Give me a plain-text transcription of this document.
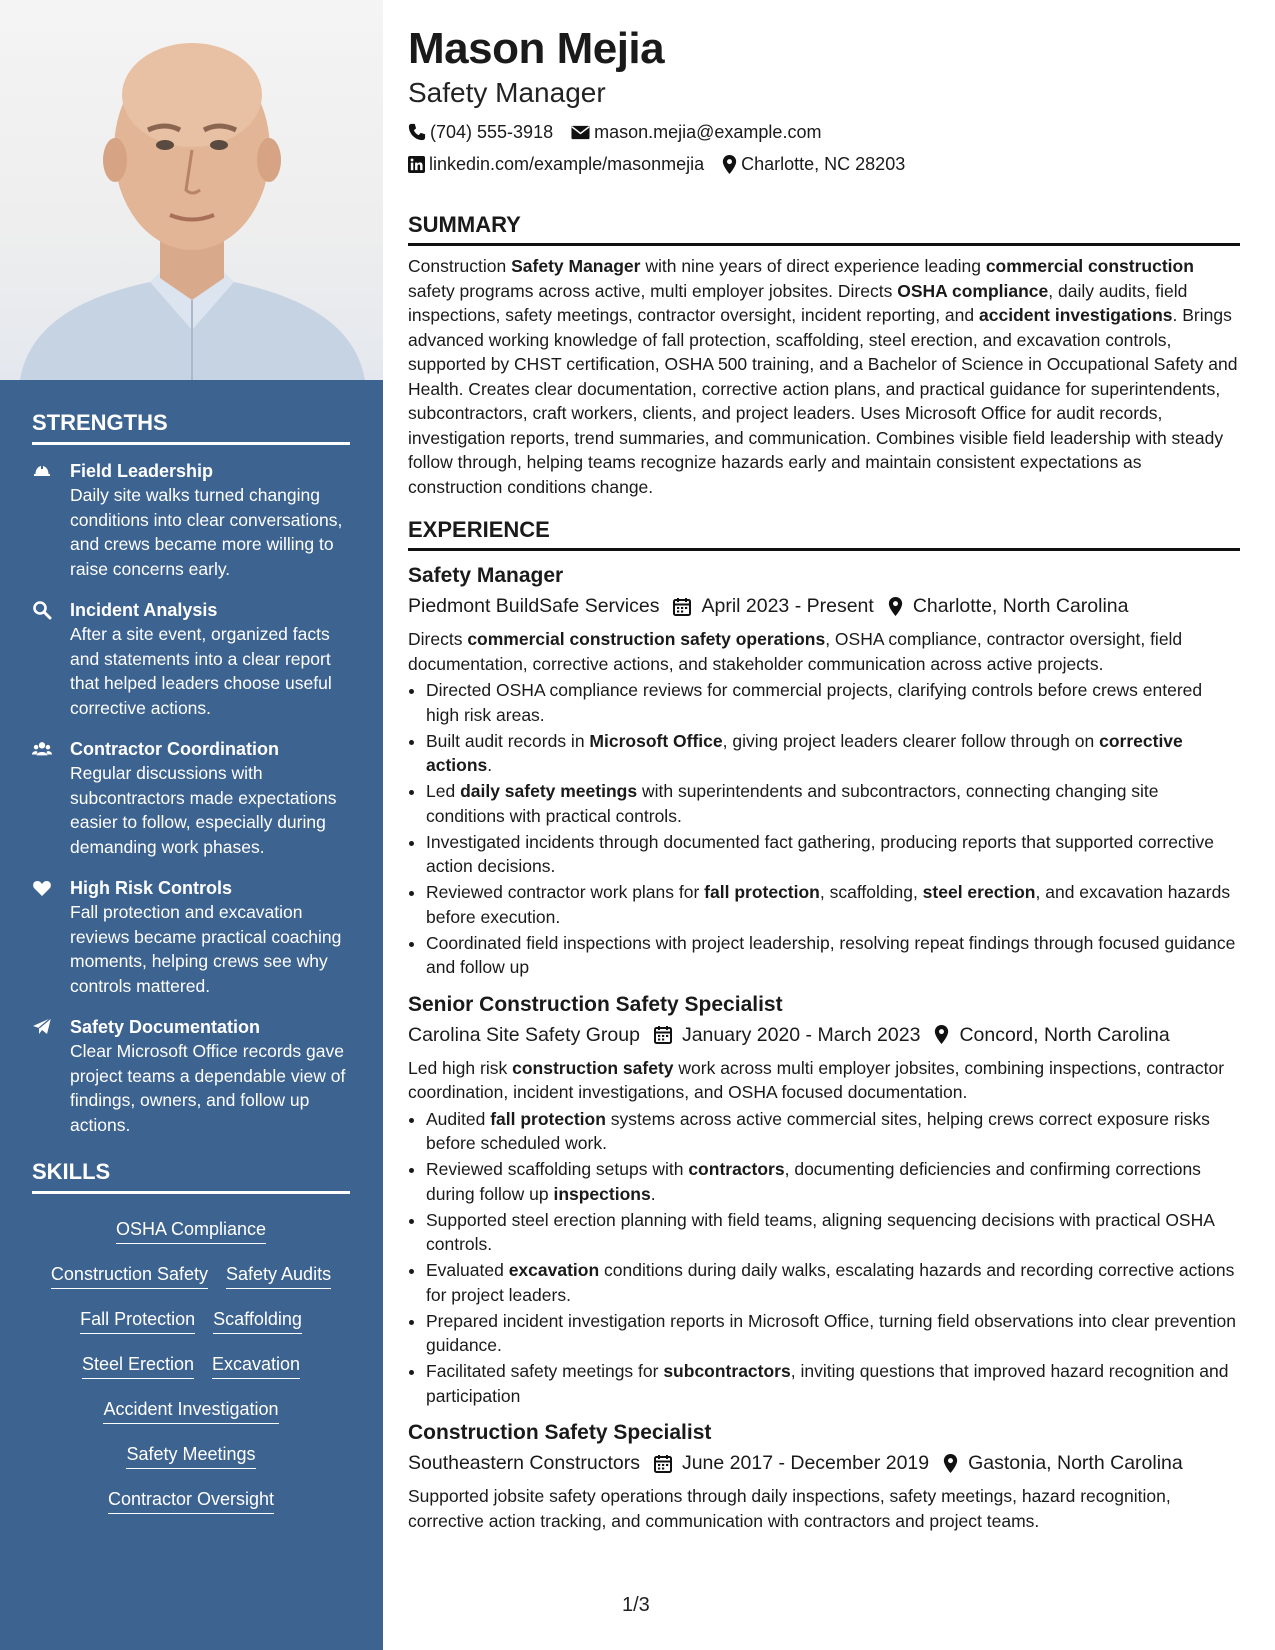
STRENGTHS
Field Leadership
Daily site walks turned changing conditions into clear conversations, and crews became more willing to raise concerns early.
Incident Analysis
After a site event, organized facts and statements into a clear report that helped leaders choose useful corrective actions.
Contractor Coordination
Regular discussions with subcontractors made expectations easier to follow, especially during demanding work phases.
High Risk Controls
Fall protection and excavation reviews became practical coaching moments, helping crews see why controls mattered.
Safety Documentation
Clear Microsoft Office records gave project teams a dependable view of findings, owners, and follow up actions.
SKILLS
OSHA Compliance
Construction Safety Safety Audits
Fall Protection Scaffolding
Steel Erection Excavation
Accident Investigation
Safety Meetings
Contractor Oversight
Mason Mejia
Safety Manager
(704) 555-3918 mason.mejia@example.com
linkedin.com/example/masonmejia Charlotte, NC 28203
SUMMARY

Construction Safety Manager with nine years of direct experience leading commercial construction safety programs across active, multi employer jobsites. Directs OSHA compliance, daily audits, field inspections, safety meetings, contractor oversight, incident reporting, and accident investigations. Brings advanced working knowledge of fall protection, scaffolding, steel erection, and excavation controls, supported by CHST certification, OSHA 500 training, and a Bachelor of Science in Occupational Safety and Health. Creates clear documentation, corrective action plans, and practical guidance for superintendents, subcontractors, craft workers, clients, and project leaders. Uses Microsoft Office for audit records, investigation reports, trend summaries, and communication. Combines visible field leadership with steady follow through, helping teams recognize hazards early and maintain consistent expectations as construction conditions change.

EXPERIENCE
Safety Manager
Piedmont BuildSafe Services April 2023 - Present Charlotte, North Carolina

Directs commercial construction safety operations, OSHA compliance, contractor oversight, field documentation, corrective actions, and stakeholder communication across active projects.

• Directed OSHA compliance reviews for commercial projects, clarifying controls before crews entered high risk areas.
• Built audit records in Microsoft Office, giving project leaders clearer follow through on corrective actions.
• Led daily safety meetings with superintendents and subcontractors, connecting changing site conditions with practical controls.
• Investigated incidents through documented fact gathering, producing reports that supported corrective action decisions.
• Reviewed contractor work plans for fall protection, scaffolding, steel erection, and excavation hazards before execution.
• Coordinated field inspections with project leadership, resolving repeat findings through focused guidance and follow up
Senior Construction Safety Specialist
Carolina Site Safety Group January 2020 - March 2023 Concord, North Carolina

Led high risk construction safety work across multi employer jobsites, combining inspections, contractor coordination, incident investigations, and OSHA focused documentation.

• Audited fall protection systems across active commercial sites, helping crews correct exposure risks before scheduled work.
• Reviewed scaffolding setups with contractors, documenting deficiencies and confirming corrections during follow up inspections.
• Supported steel erection planning with field teams, aligning sequencing decisions with practical OSHA controls.
• Evaluated excavation conditions during daily walks, escalating hazards and recording corrective actions for project leaders.
• Prepared incident investigation reports in Microsoft Office, turning field observations into clear prevention guidance.
• Facilitated safety meetings for subcontractors, inviting questions that improved hazard recognition and participation
Construction Safety Specialist
Southeastern Constructors June 2017 - December 2019 Gastonia, North Carolina

Supported jobsite safety operations through daily inspections, safety meetings, hazard recognition, corrective action tracking, and communication with contractors and project teams.

1/3
